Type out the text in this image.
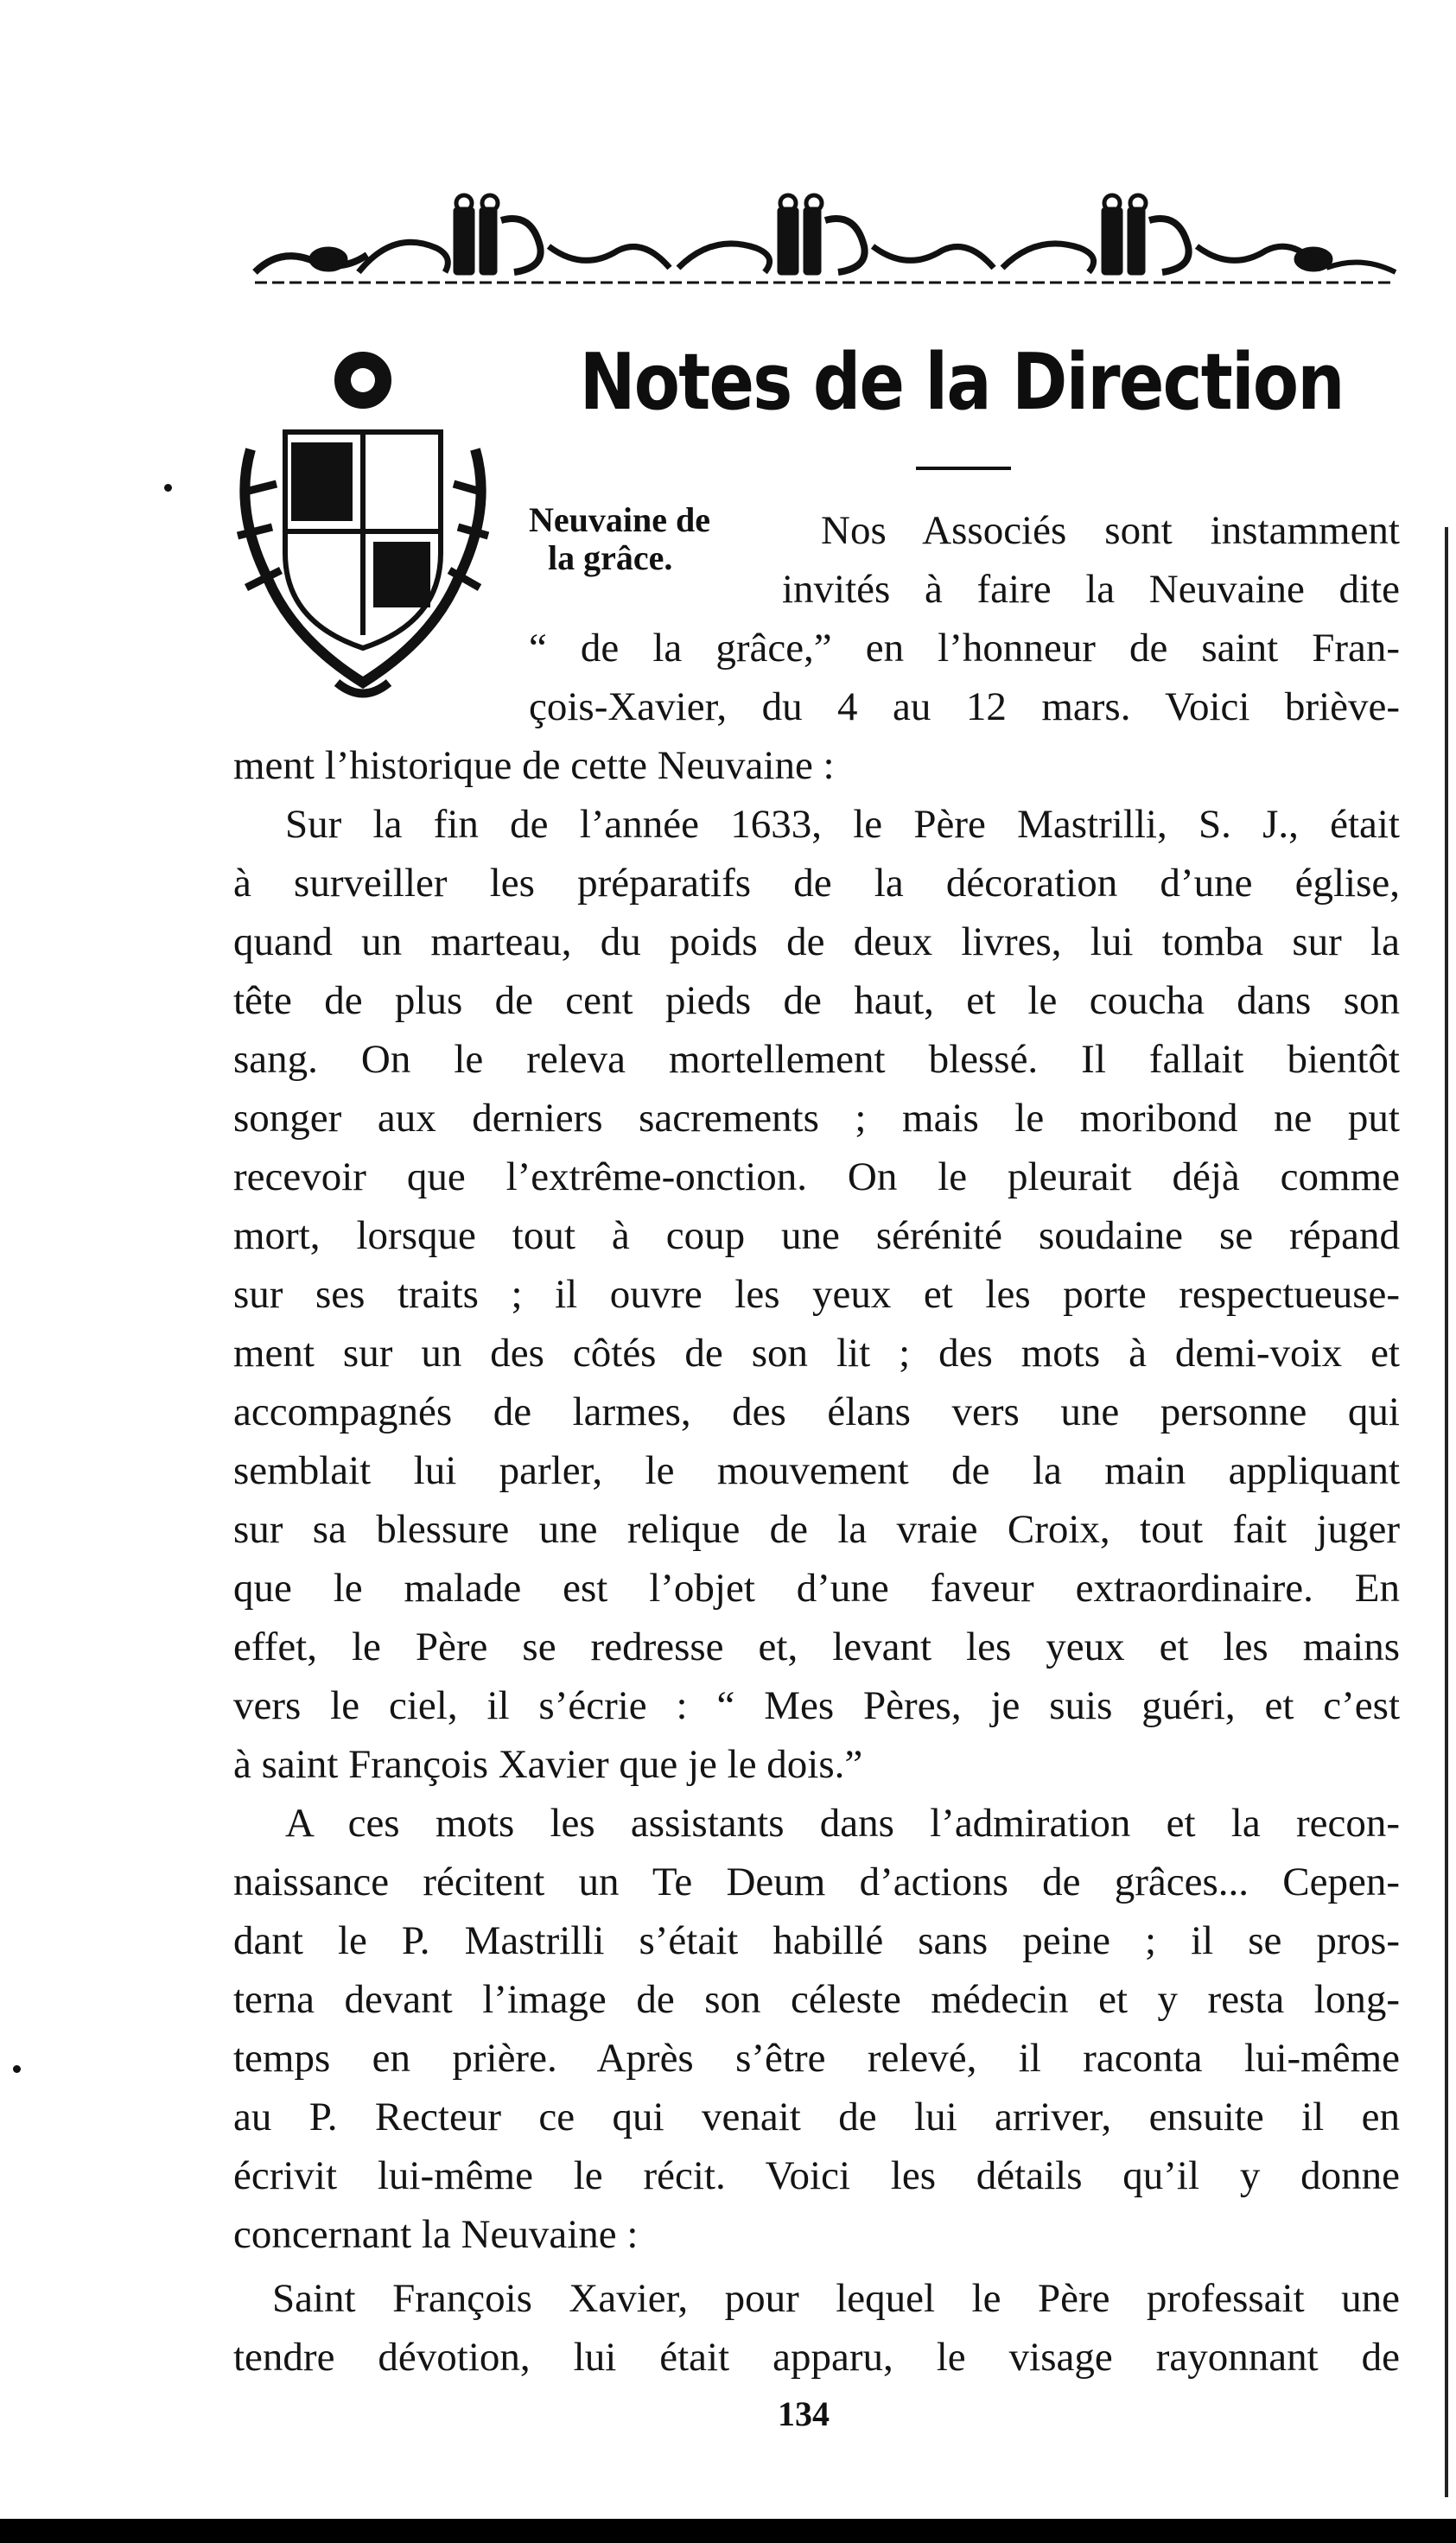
Notes de la Direction
Neuvaine de
la grâce.
Nos Associés sont instamment
invités à faire la Neuvaine dite
“ de la grâce,” en l’honneur de saint Fran-
çois-Xavier, du 4 au 12 mars. Voici briève-
ment l’historique de cette Neuvaine :
Sur la fin de l’année 1633, le Père Mastrilli, S. J., était
à surveiller les préparatifs de la décoration d’une église,
quand un marteau, du poids de deux livres, lui tomba sur la
tête de plus de cent pieds de haut, et le coucha dans son
sang. On le releva mortellement blessé. Il fallait bientôt
songer aux derniers sacrements ; mais le moribond ne put
recevoir que l’extrême-onction. On le pleurait déjà comme
mort, lorsque tout à coup une sérénité soudaine se répand
sur ses traits ; il ouvre les yeux et les porte respectueuse-
ment sur un des côtés de son lit ; des mots à demi-voix et
accompagnés de larmes, des élans vers une personne qui
semblait lui parler, le mouvement de la main appliquant
sur sa blessure une relique de la vraie Croix, tout fait juger
que le malade est l’objet d’une faveur extraordinaire. En
effet, le Père se redresse et, levant les yeux et les mains
vers le ciel, il s’écrie : “ Mes Pères, je suis guéri, et c’est
à saint François Xavier que je le dois.”
A ces mots les assistants dans l’admiration et la recon-
naissance récitent un Te Deum d’actions de grâces... Cepen-
dant le P. Mastrilli s’était habillé sans peine ; il se pros-
terna devant l’image de son céleste médecin et y resta long-
temps en prière. Après s’être relevé, il raconta lui-même
au P. Recteur ce qui venait de lui arriver, ensuite il en
écrivit lui-même le récit. Voici les détails qu’il y donne
concernant la Neuvaine :
Saint François Xavier, pour lequel le Père professait une
tendre dévotion, lui était apparu, le visage rayonnant de
134
